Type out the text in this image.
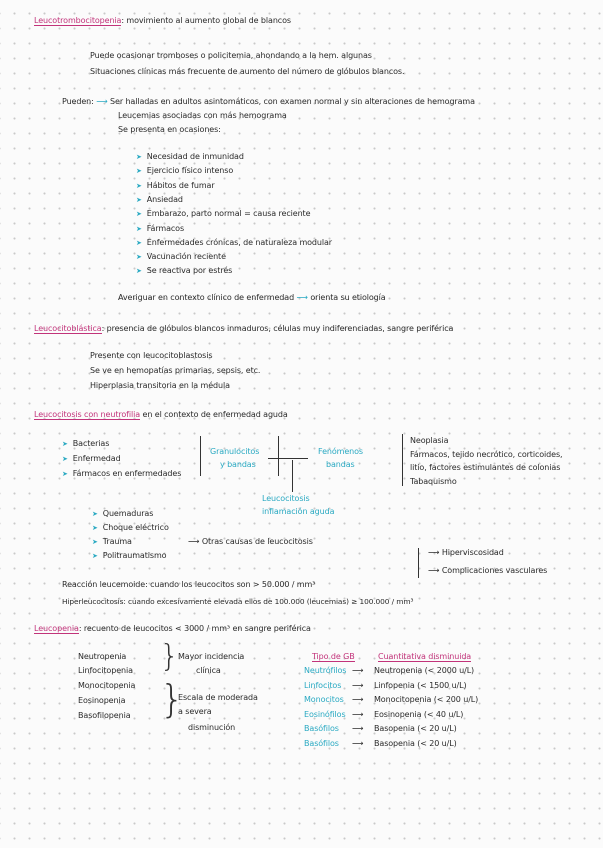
Leucotrombocitopenia: movimiento al aumento global de blancos
Puede ocasionar tromboses o policitemia, ahondando a la hem. algunas
Situaciones clínicas más frecuente de aumento del número de glóbulos blancos.
Pueden: ⟶ Ser halladas en adultos asintomáticos, con examen normal y sin alteraciones de hemograma
Leucemias asociadas con más hemograma
Se presenta en ocasiones:
➤ Necesidad de inmunidad
➤ Ejercicio físico intenso
➤ Hábitos de fumar
➤ Ansiedad
➤ Embarazo, parto normal = causa reciente
➤ Fármacos
➤ Enfermedades crónicas, de naturaleza modular
➤ Vacunación reciente
➤ Se reactiva por estrés
Averiguar en contexto clínico de enfermedad ⟶ orienta su etiología
Leucocitoblástica: presencia de glóbulos blancos inmaduros, células muy indiferenciadas, sangre periférica
Presente con leucocitoblastosis
Se ve en hemopatías primarias, sepsis, etc.
Hiperplasia transitoria en la médula
Leucocitosis con neutrofilia en el contexto de enfermedad aguda
➤ Bacterias
➤ Enfermedad
➤ Fármacos en enfermedades
Granulocitos
y bandas
Fenómenos
bandas
Leucocitosis
inflamación aguda
Neoplasia
Fármacos, tejido necrótico, corticoides,
litio, factores estimulantes de colonias
Tabaquismo
➤ Quemaduras
➤ Choque eléctrico
➤ Trauma
➤ Politraumatismo
⟶ Otras causas de leucocitosis
⟶ Hiperviscosidad
⟶ Complicaciones vasculares
Reacción leucemoide: cuando los leucocitos son > 50.000 / mm³
Hiperleucocitosis: cuando excesivamente elevada ellos de 100.000 (leucemias) ≥ 100.000 / mm³
Leucopenia: recuento de leucocitos < 3000 / mm³ en sangre periférica
Neutropenia
Linfocitopenia
Monocitopenia
Eosinopenia
Basofilopenia
}
}
Mayor incidencia
clínica
Escala de moderada
a severa
disminución
Tipo de GB	Cuantitativa disminuida
Neutrófilos ⟶ Neutropenia (< 2000 u/L)
Linfocitos ⟶ Linfopenia (< 1500 u/L)
Monocitos ⟶ Monocitopenia (< 200 u/L)
Eosinófilos ⟶ Eosinopenia (< 40 u/L)
Basófilos ⟶ Basopenia (< 20 u/L)
Basófilos ⟶ Basopenia (< 20 u/L)
